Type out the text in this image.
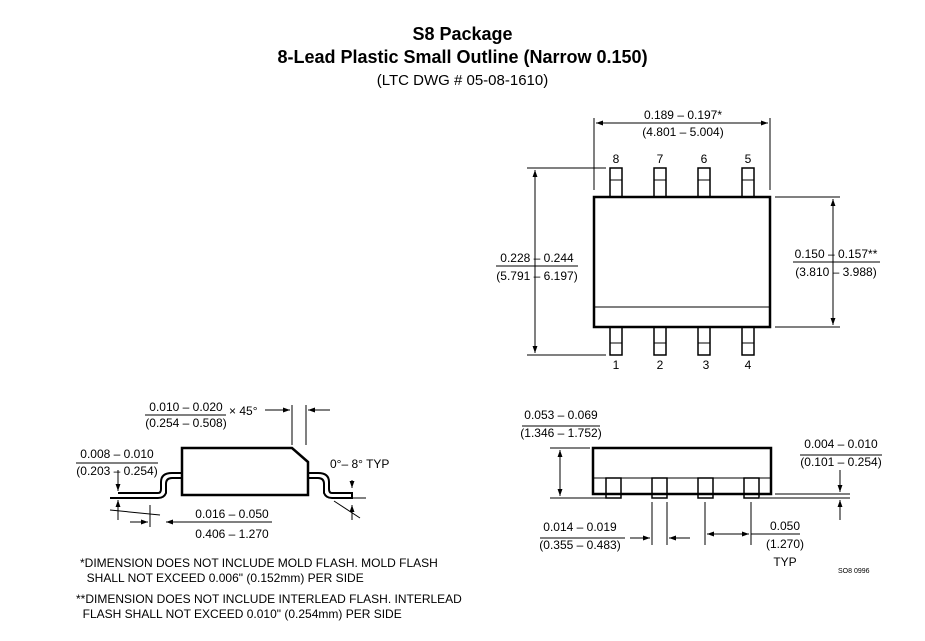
S8 Package
8-Lead Plastic Small Outline (Narrow 0.150)
(LTC DWG # 05-08-1610)
8	7	6	5
1	2	3	4
0.189 – 0.197*
(4.801 – 5.004)
0.228 – 0.244
(5.791 – 6.197)
0.150 – 0.157**
(3.810 – 3.988)
0.010 – 0.020
(0.254 – 0.508)
× 45°
0.008 – 0.010
(0.203 – 0.254)	0°– 8° TYP
0.016 – 0.050
0.406 – 1.270
0.053 – 0.069
(1.346 – 1.752)
0.004 – 0.010
(0.101 – 0.254)
0.014 – 0.019
(0.355 – 0.483)
0.050
(1.270)
TYP
SO8 0996
*DIMENSION DOES NOT INCLUDE MOLD FLASH. MOLD FLASH
SHALL NOT EXCEED 0.006" (0.152mm) PER SIDE
**DIMENSION DOES NOT INCLUDE INTERLEAD FLASH. INTERLEAD
FLASH SHALL NOT EXCEED 0.010" (0.254mm) PER SIDE
